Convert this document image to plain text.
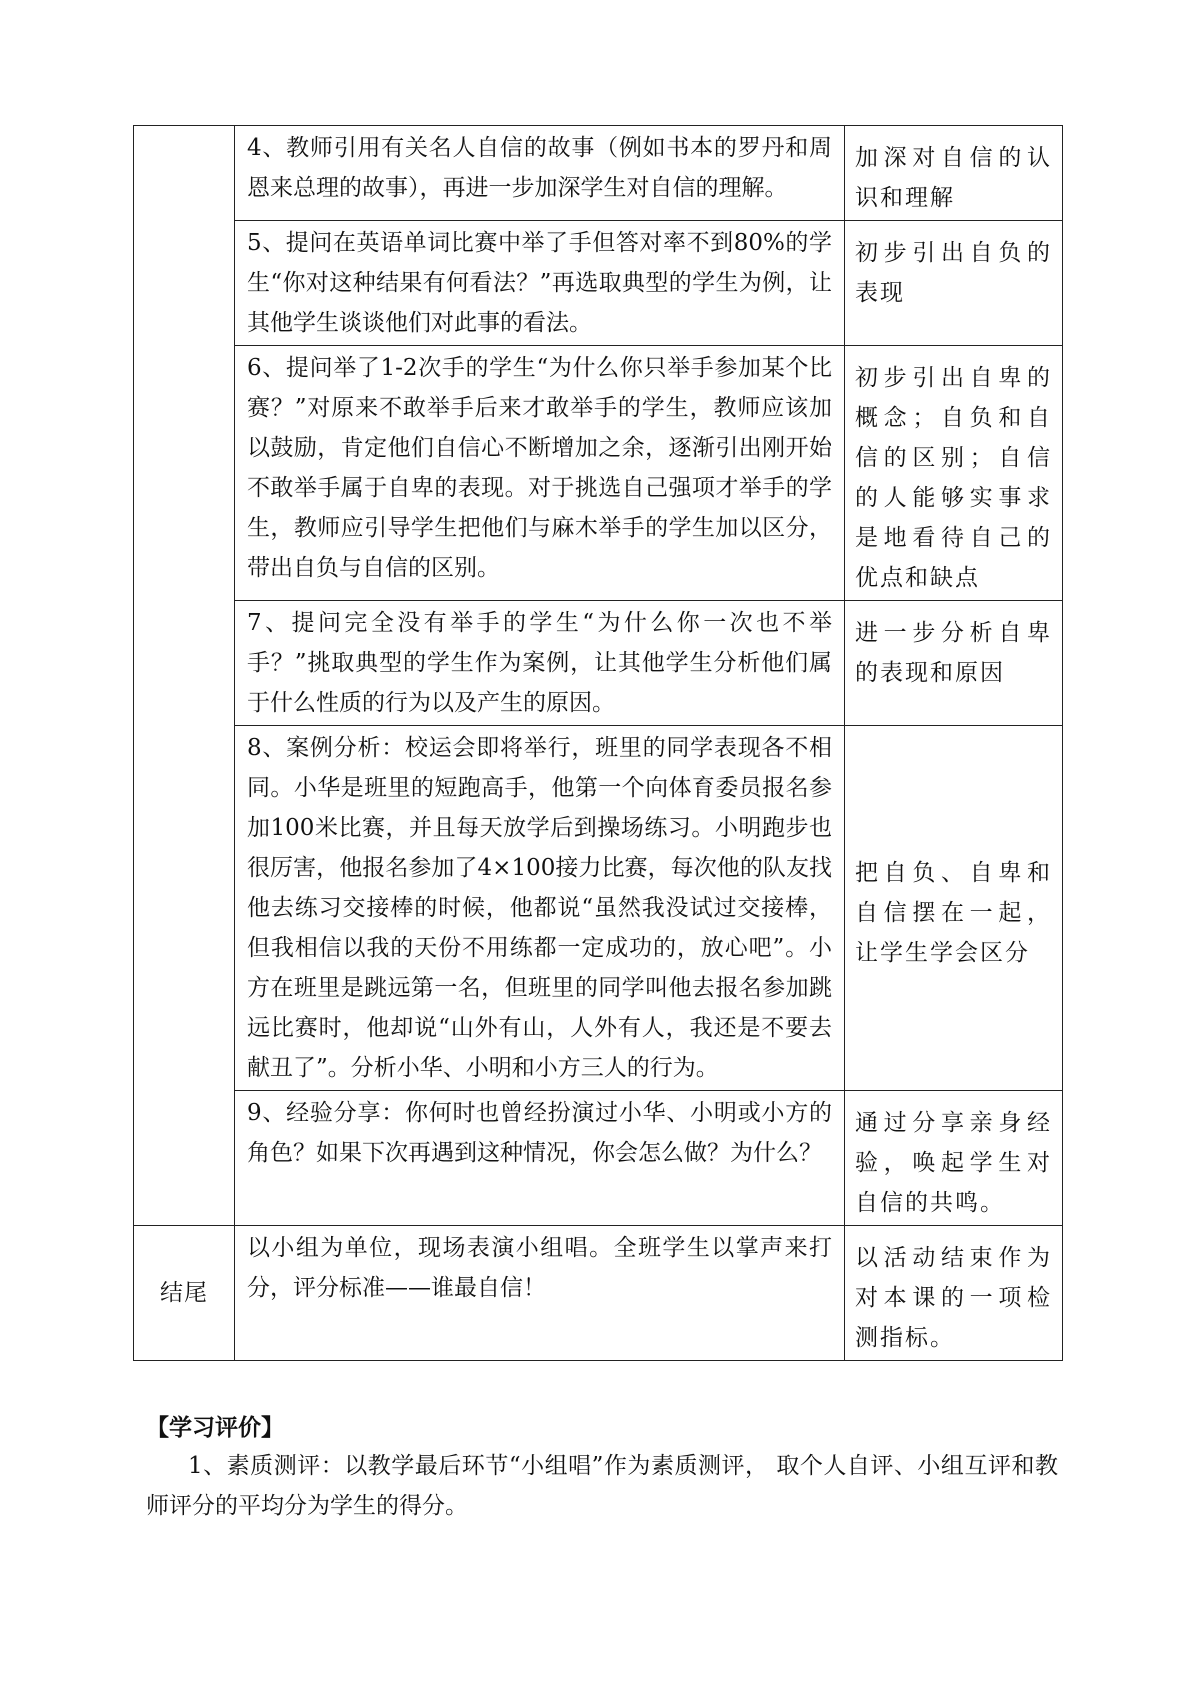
	4、教师引用有关名人自信的故事（例如书本的罗丹和周恩来总理的故事），再进一步加深学生对自信的理解。	加深对自信的认识和理解
	5、提问在英语单词比赛中举了手但答对率不到80%的学生“你对这种结果有何看法？”再选取典型的学生为例，让其他学生谈谈他们对此事的看法。	初步引出自负的表现
	6、提问举了1-2次手的学生“为什么你只举手参加某个比赛？”对原来不敢举手后来才敢举手的学生，教师应该加以鼓励，肯定他们自信心不断增加之余，逐渐引出刚开始不敢举手属于自卑的表现。对于挑选自己强项才举手的学生，教师应引导学生把他们与麻木举手的学生加以区分，带出自负与自信的区别。	初步引出自卑的概念；自负和自信的区别；自信的人能够实事求是地看待自己的优点和缺点
	7、提问完全没有举手的学生“为什么你一次也不举手？”挑取典型的学生作为案例，让其他学生分析他们属于什么性质的行为以及产生的原因。	进一步分析自卑的表现和原因
	8、案例分析：校运会即将举行，班里的同学表现各不相同。小华是班里的短跑高手，他第一个向体育委员报名参加100米比赛，并且每天放学后到操场练习。小明跑步也很厉害，他报名参加了4×100接力比赛，每次他的队友找他去练习交接棒的时候，他都说“虽然我没试过交接棒，但我相信以我的天份不用练都一定成功的，放心吧”。小方在班里是跳远第一名，但班里的同学叫他去报名参加跳远比赛时，他却说“山外有山，人外有人，我还是不要去献丑了”。分析小华、小明和小方三人的行为。	把自负、自卑和自信摆在一起，让学生学会区分
	9、经验分享：你何时也曾经扮演过小华、小明或小方的角色？如果下次再遇到这种情况，你会怎么做？为什么？	通过分享亲身经验，唤起学生对自信的共鸣。
结尾	以小组为单位，现场表演小组唱。全班学生以掌声来打分，评分标准——谁最自信！	以活动结束作为对本课的一项检测指标。
【学习评价】
1、素质测评：以教学最后环节“小组唱”作为素质测评， 取个人自评、小组互评和教师评分的平均分为学生的得分。
